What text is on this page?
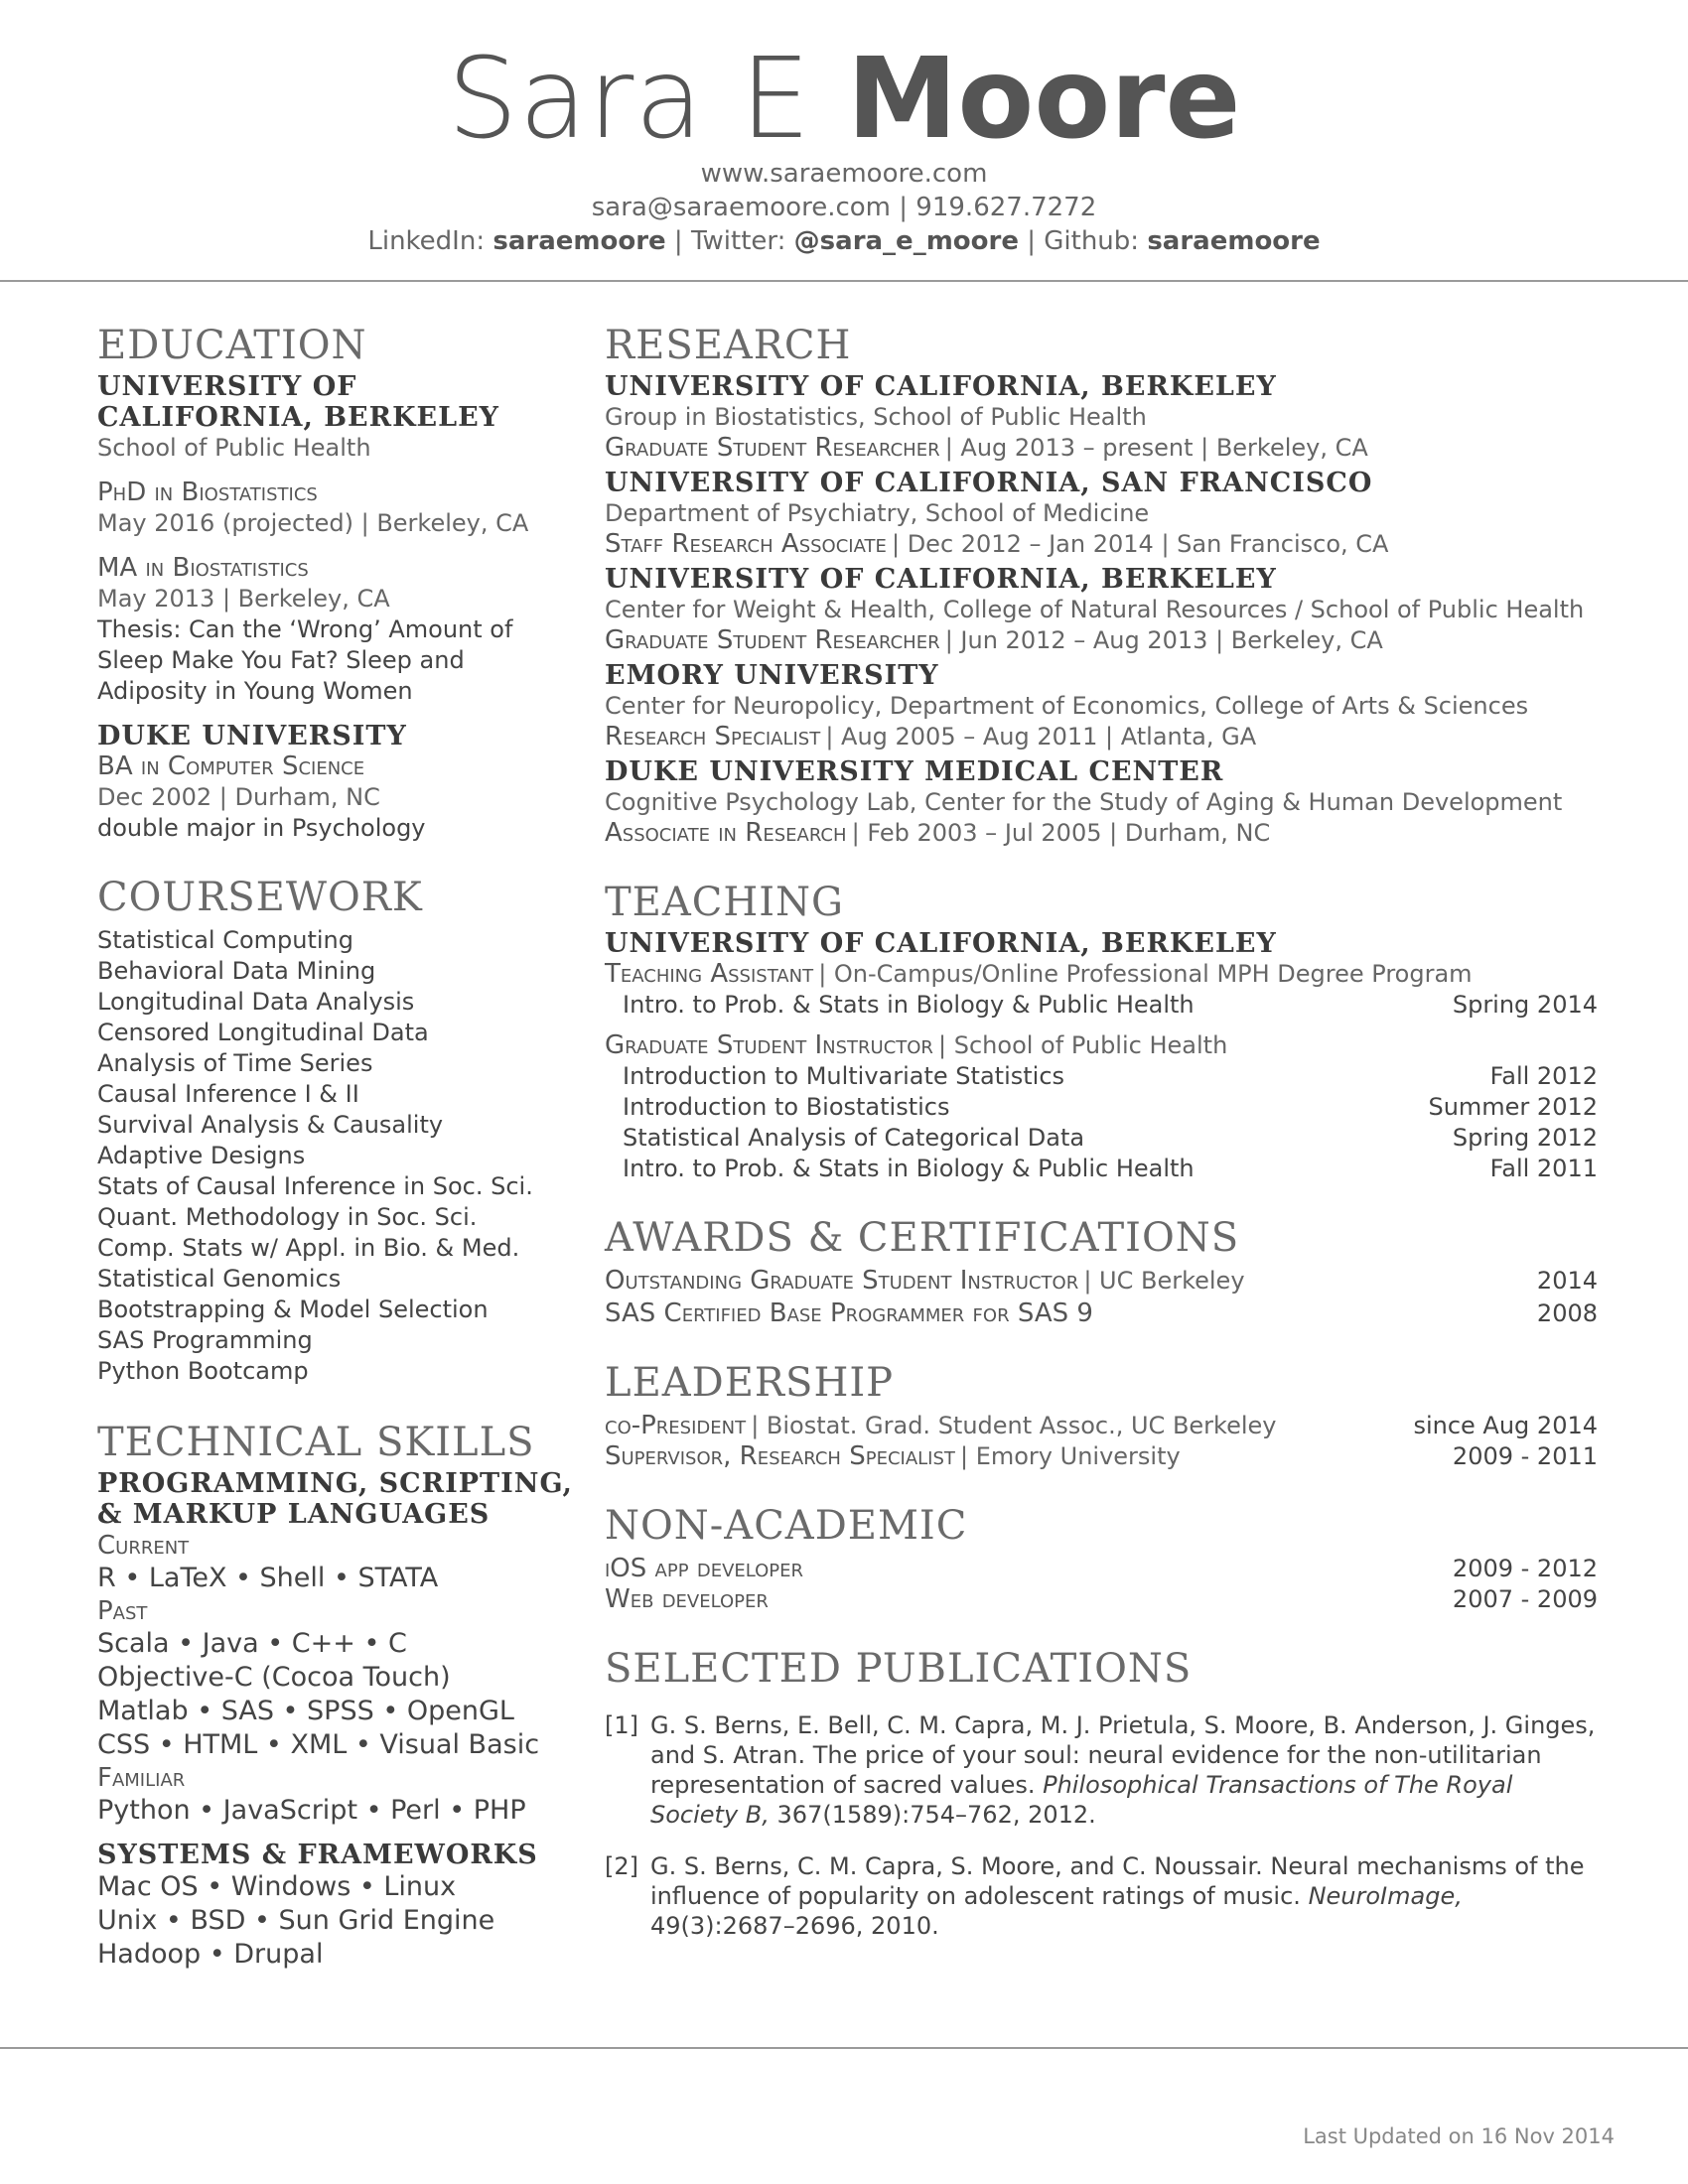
Sara E Moore
www.saraemoore.com
sara@saraemoore.com | 919.627.7272
LinkedIn: saraemoore | Twitter: @sara_e_moore | Github: saraemoore
EDUCATION
UNIVERSITY OF CALIFORNIA, BERKELEY
School of Public Health
PhD in Biostatistics
May 2016 (projected) | Berkeley, CA
MA in Biostatistics
May 2013 | Berkeley, CA
Thesis: Can the ‘Wrong’ Amount of Sleep Make You Fat? Sleep and Adiposity in Young Women
DUKE UNIVERSITY
BA in Computer Science
Dec 2002 | Durham, NC
double major in Psychology
COURSEWORK
Statistical Computing
Behavioral Data Mining
Longitudinal Data Analysis
Censored Longitudinal Data
Analysis of Time Series
Causal Inference I & II
Survival Analysis & Causality
Adaptive Designs
Stats of Causal Inference in Soc. Sci.
Quant. Methodology in Soc. Sci.
Comp. Stats w/ Appl. in Bio. & Med.
Statistical Genomics
Bootstrapping & Model Selection
SAS Programming
Python Bootcamp
TECHNICAL SKILLS
PROGRAMMING, SCRIPTING, & MARKUP LANGUAGES
Current
R • LaTeX • Shell • STATA
Past
Scala • Java • C++ • C
Objective-C (Cocoa Touch)
Matlab • SAS • SPSS • OpenGL
CSS • HTML • XML • Visual Basic
Familiar
Python • JavaScript • Perl • PHP
SYSTEMS & FRAMEWORKS
Mac OS • Windows • Linux
Unix • BSD • Sun Grid Engine
Hadoop • Drupal
RESEARCH
UNIVERSITY OF CALIFORNIA, BERKELEY
Group in Biostatistics, School of Public Health
Graduate Student Researcher | Aug 2013 – present | Berkeley, CA
UNIVERSITY OF CALIFORNIA, SAN FRANCISCO
Department of Psychiatry, School of Medicine
Staff Research Associate | Dec 2012 – Jan 2014 | San Francisco, CA
UNIVERSITY OF CALIFORNIA, BERKELEY
Center for Weight & Health, College of Natural Resources / School of Public Health
Graduate Student Researcher | Jun 2012 – Aug 2013 | Berkeley, CA
EMORY UNIVERSITY
Center for Neuropolicy, Department of Economics, College of Arts & Sciences
Research Specialist | Aug 2005 – Aug 2011 | Atlanta, GA
DUKE UNIVERSITY MEDICAL CENTER
Cognitive Psychology Lab, Center for the Study of Aging & Human Development
Associate in Research | Feb 2003 – Jul 2005 | Durham, NC
TEACHING
UNIVERSITY OF CALIFORNIA, BERKELEY
Teaching Assistant | On-Campus/Online Professional MPH Degree Program
Intro. to Prob. & Stats in Biology & Public Health	Spring 2014
Graduate Student Instructor | School of Public Health
Introduction to Multivariate Statistics	Fall 2012
Introduction to Biostatistics	Summer 2012
Statistical Analysis of Categorical Data	Spring 2012
Intro. to Prob. & Stats in Biology & Public Health	Fall 2011
AWARDS & CERTIFICATIONS
Outstanding Graduate Student Instructor | UC Berkeley	2014
SAS Certified Base Programmer for SAS 9	2008
LEADERSHIP
co-President | Biostat. Grad. Student Assoc., UC Berkeley	since Aug 2014
Supervisor, Research Specialist | Emory University	2009 - 2011
NON-ACADEMIC
iOS app developer	2009 - 2012
Web developer	2007 - 2009
SELECTED PUBLICATIONS
[1] G. S. Berns, E. Bell, C. M. Capra, M. J. Prietula, S. Moore, B. Anderson, J. Ginges, and S. Atran. The price of your soul: neural evidence for the non-utilitarian representation of sacred values. Philosophical Transactions of The Royal Society B, 367(1589):754–762, 2012.
[2] G. S. Berns, C. M. Capra, S. Moore, and C. Noussair. Neural mechanisms of the influence of popularity on adolescent ratings of music. NeuroImage, 49(3):2687–2696, 2010.
Last Updated on 16 Nov 2014
